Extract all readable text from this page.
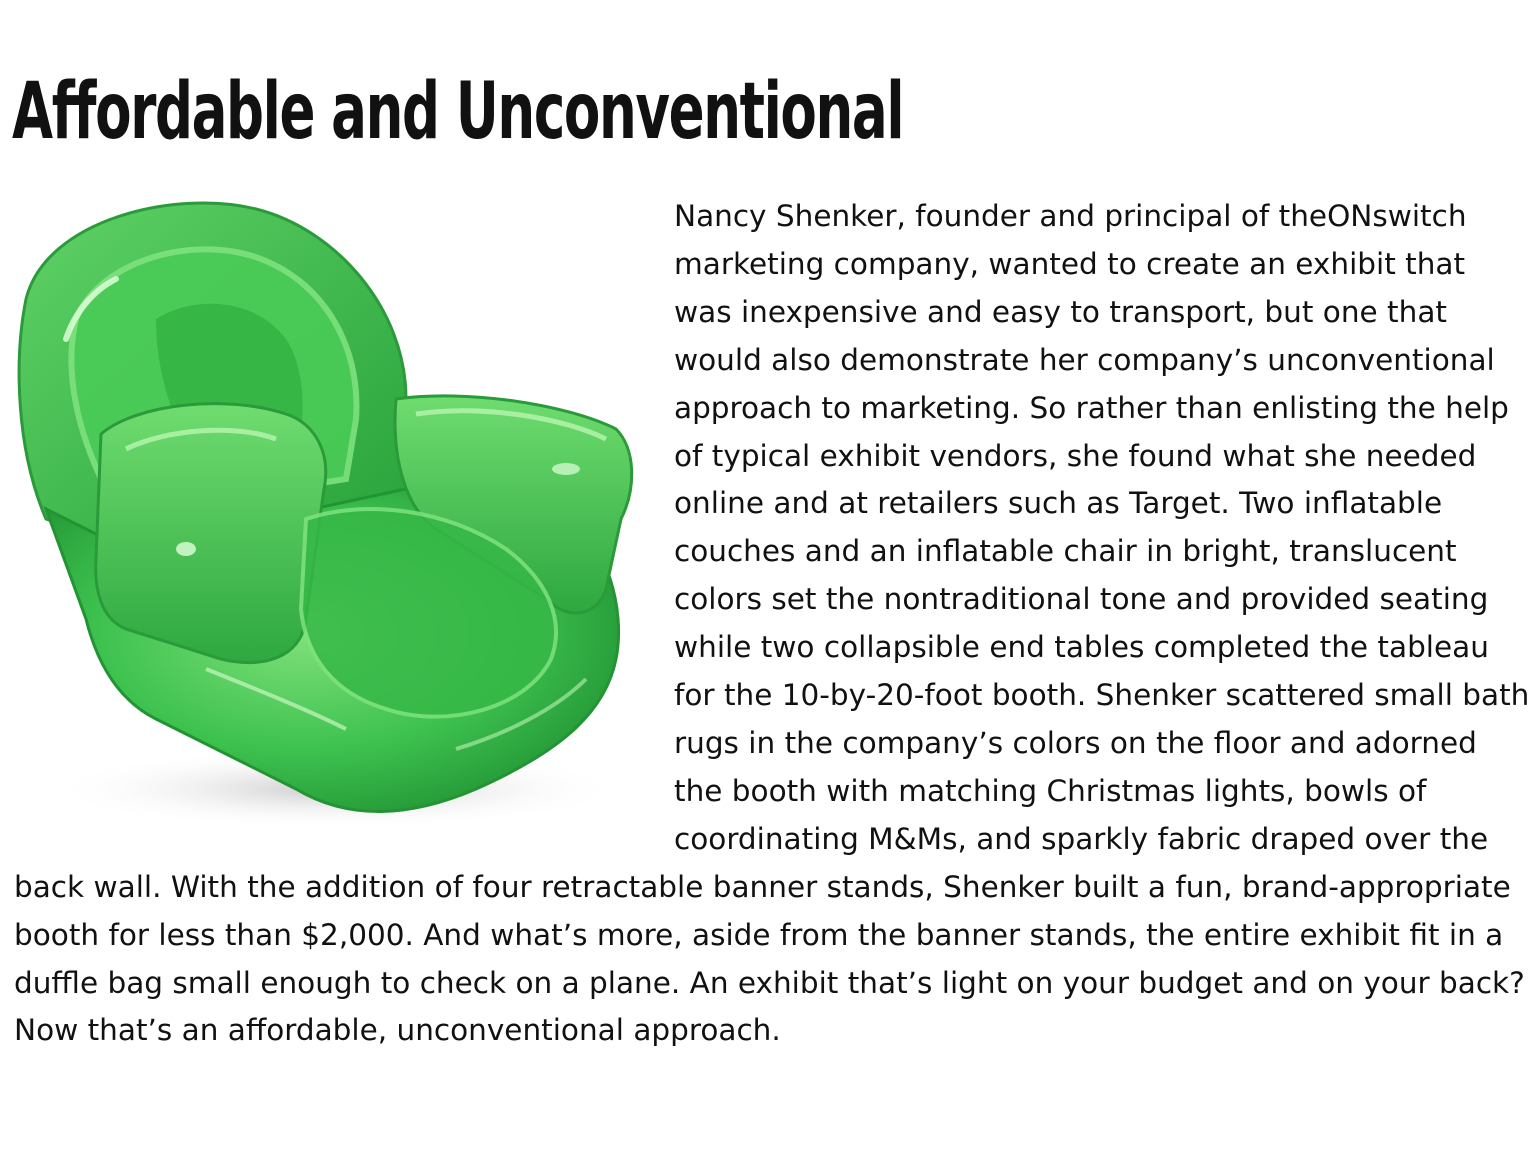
Affordable and Unconventional
Nancy Shenker, founder and principal of theONswitch marketing company, wanted to create an exhibit that was inexpensive and easy to transport, but one that would also demonstrate her company’s unconventional approach to marketing. So rather than enlisting the help of typical exhibit vendors, she found what she needed online and at retailers such as Target. Two inflatable couches and an inflatable chair in bright, translucent colors set the nontraditional tone and provided seating while two collapsible end tables completed the tableau for the 10-by-20-foot booth. Shenker scattered small bath rugs in the company’s colors on the floor and adorned the booth with matching Christmas lights, bowls of coordinating M&Ms, and sparkly fabric draped over the back wall. With the addition of four retractable banner stands, Shenker built a fun, brand-appropriate booth for less than $2,000. And what’s more, aside from the banner stands, the entire exhibit fit in a duffle bag small enough to check on a plane. An exhibit that’s light on your budget and on your back? Now that’s an affordable, unconventional approach.
